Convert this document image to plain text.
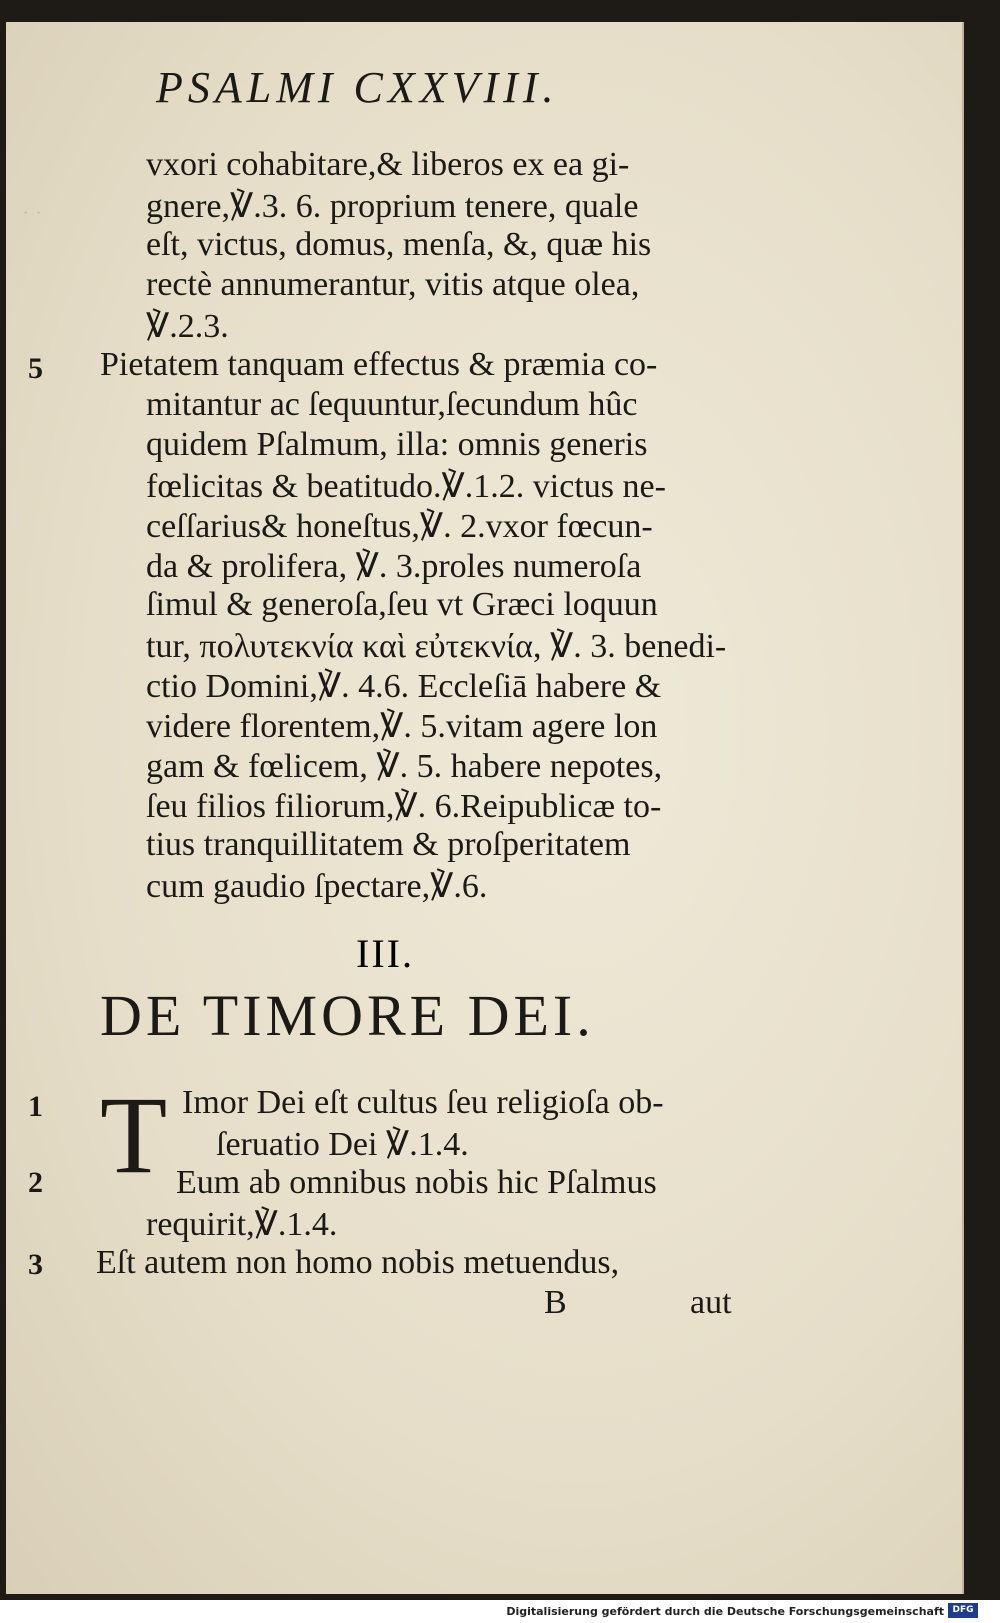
· ·
PSALMI CXXVIII.
vxori cohabitare,& liberos ex ea gi-
gnere,℣.3. 6. proprium tenere, quale
eſt, victus, domus, menſa, &, quæ his
rectè annumerantur, vitis atque olea,
℣.2.3.
Pietatem tanquam effectus & præmia co-
mitantur ac ſequuntur,ſecundum hûc
quidem Pſalmum, illa: omnis generis
fœlicitas & beatitudo.℣.1.2. victus ne-
ceſſarius& honeſtus,℣. 2.vxor fœcun-
da & prolifera, ℣. 3.proles numeroſa
ſimul & generoſa,ſeu vt Græci loquun
tur, πολυτεκνία καὶ εὐτεκνία, ℣. 3. benedi-
ctio Domini,℣. 4.6. Eccleſiā habere &
videre florentem,℣. 5.vitam agere lon
gam & fœlicem, ℣. 5. habere nepotes,
ſeu filios filiorum,℣. 6.Reipublicæ to-
tius tranquillitatem & proſperitatem
cum gaudio ſpectare,℣.6.
5
III.
DE TIMORE DEI.
1
2
3
T Imor Dei eſt cultus ſeu religioſa ob-
ſeruatio Dei ℣.1.4.
Eum ab omnibus nobis hic Pſalmus
requirit,℣.1.4.
Eſt autem non homo nobis metuendus,
B	aut
Digitalisierung gefördert durch die Deutsche Forschungsgemeinschaft DFG
